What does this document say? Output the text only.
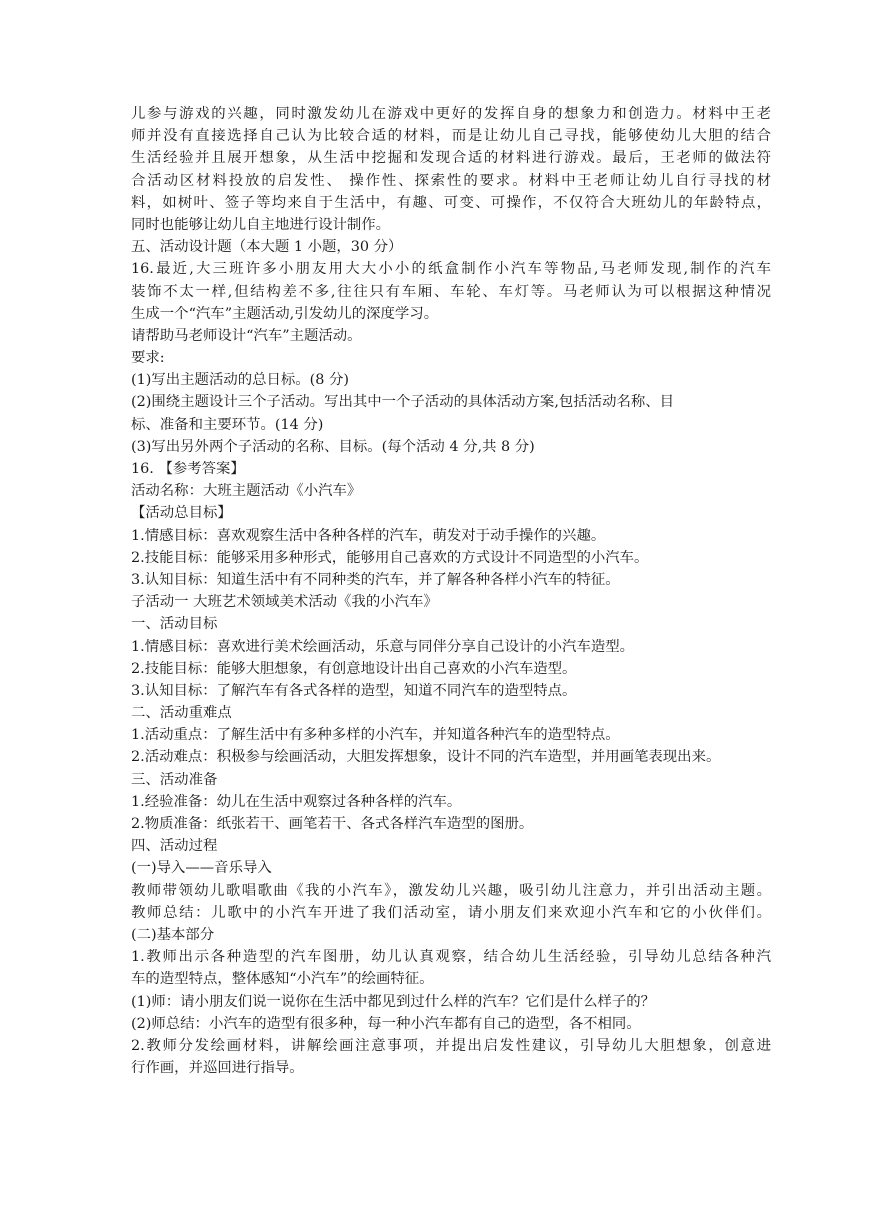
儿参与游戏的兴趣，同时激发幼儿在游戏中更好的发挥自身的想象力和创造力。材料中王老
师并没有直接选择自己认为比较合适的材料，而是让幼儿自己寻找，能够使幼儿大胆的结合
生活经验并且展开想象，从生活中挖掘和发现合适的材料进行游戏。最后，王老师的做法符
合活动区材料投放的启发性、 操作性、探索性的要求。材料中王老师让幼儿自行寻找的材
料，如树叶、签子等均来自于生活中，有趣、可变、可操作，不仅符合大班幼儿的年龄特点，
同时也能够让幼儿自主地进行设计制作。
五、活动设计题（本大题 1 小题，30 分）
16.最近,大三班许多小朋友用大大小小的纸盒制作小汽车等物品,马老师发现,制作的汽车
装饰不太一样,但结构差不多,往往只有车厢、车轮、车灯等。马老师认为可以根据这种情况
生成一个“汽车”主题活动,引发幼儿的深度学习。
请帮助马老师设计“汽车”主题活动。
要求:
(1)写出主题活动的总日标。(8 分)
(2)围绕主题设计三个子活动。写出其中一个子活动的具体活动方案,包括活动名称、目
标、准备和主要环节。(14 分)
(3)写出另外两个子活动的名称、目标。(每个活动 4 分,共 8 分)
16. 【参考答案】
活动名称：大班主题活动《小汽车》
【活动总目标】
1.情感目标：喜欢观察生活中各种各样的汽车，萌发对于动手操作的兴趣。
2.技能目标：能够采用多种形式，能够用自己喜欢的方式设计不同造型的小汽车。
3.认知目标：知道生活中有不同种类的汽车，并了解各种各样小汽车的特征。
子活动一 大班艺术领域美术活动《我的小汽车》
一、活动目标
1.情感目标：喜欢进行美术绘画活动，乐意与同伴分享自己设计的小汽车造型。
2.技能目标：能够大胆想象，有创意地设计出自己喜欢的小汽车造型。
3.认知目标：了解汽车有各式各样的造型，知道不同汽车的造型特点。
二、活动重难点
1.活动重点：了解生活中有多种多样的小汽车，并知道各种汽车的造型特点。
2.活动难点：积极参与绘画活动，大胆发挥想象，设计不同的汽车造型，并用画笔表现出来。
三、活动准备
1.经验准备：幼儿在生活中观察过各种各样的汽车。
2.物质准备：纸张若干、画笔若干、各式各样汽车造型的图册。
四、活动过程
(一)导入——音乐导入
教师带领幼儿歌唱歌曲《我的小汽车》，激发幼儿兴趣，吸引幼儿注意力，并引出活动主题。
教师总结：儿歌中的小汽车开进了我们活动室，请小朋友们来欢迎小汽车和它的小伙伴们。
(二)基本部分
1.教师出示各种造型的汽车图册，幼儿认真观察，结合幼儿生活经验，引导幼儿总结各种汽
车的造型特点，整体感知“小汽车”的绘画特征。
(1)师：请小朋友们说一说你在生活中都见到过什么样的汽车？它们是什么样子的？
(2)师总结：小汽车的造型有很多种，每一种小汽车都有自己的造型，各不相同。
2.教师分发绘画材料，讲解绘画注意事项，并提出启发性建议，引导幼儿大胆想象，创意进
行作画，并巡回进行指导。
